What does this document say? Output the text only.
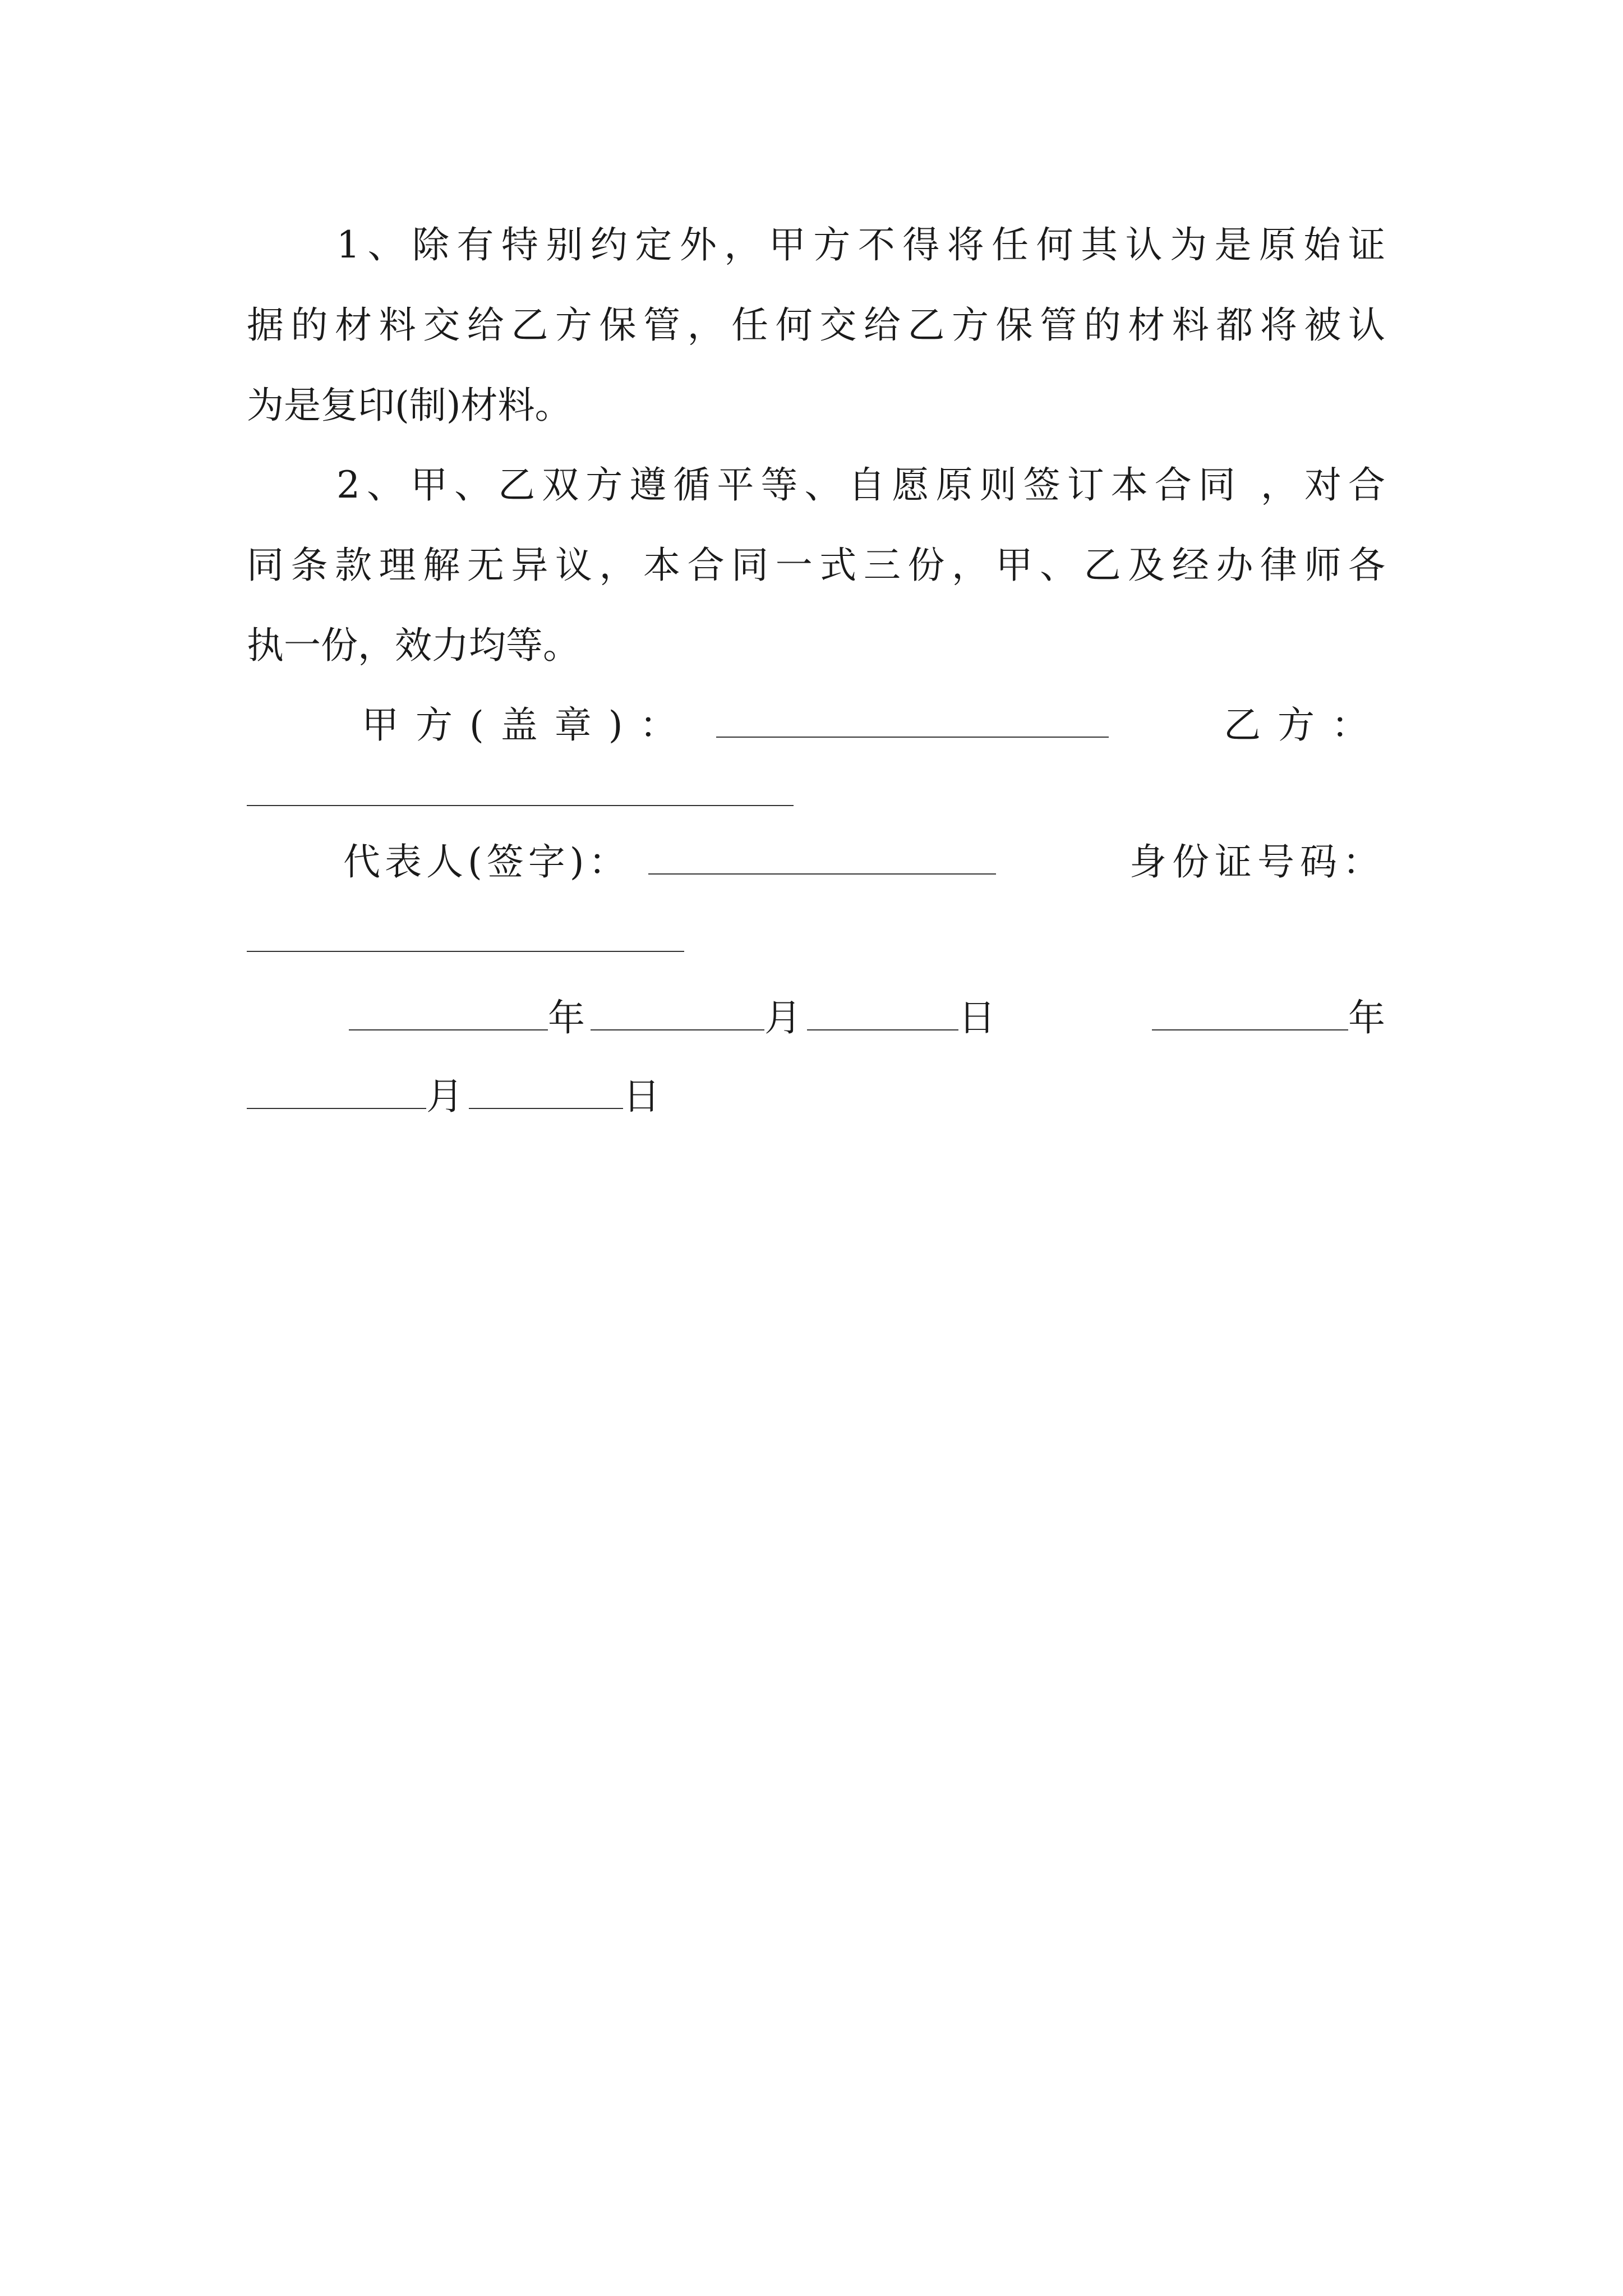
1、除有特别约定外，甲方不得将任何其认为是原始证
据的材料交给乙方保管，任何交给乙方保管的材料都将被认
为是复印(制)材料。
2、甲、乙双方遵循平等、自愿原则签订本合同 ，对合
同条款理解无异议，本合同一式三份，甲、乙及经办律师各
执一份，效力均等。
甲方(盖章)：	乙方：
代表人(签字)：	身份证号码：
年	月	日	年
月	日
